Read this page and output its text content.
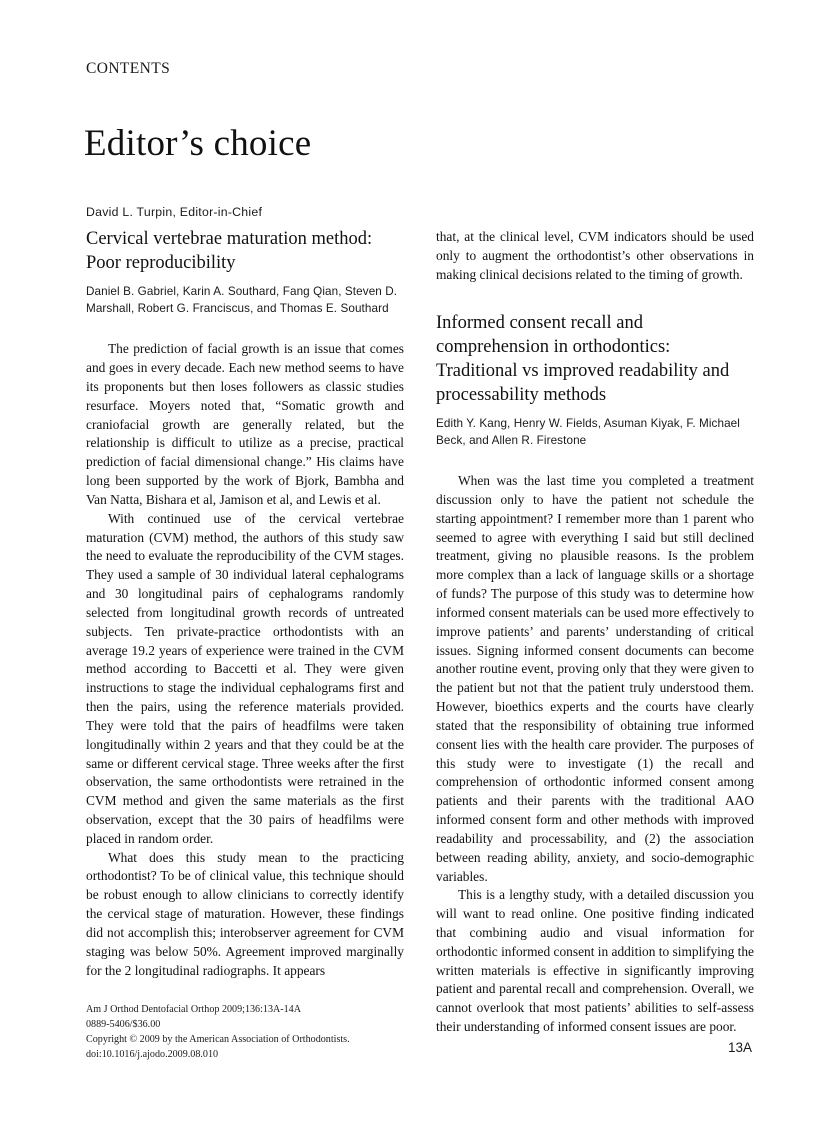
CONTENTS
Editor’s choice
David L. Turpin, Editor-in-Chief
Cervical vertebrae maturation method: Poor reproducibility
Daniel B. Gabriel, Karin A. Southard, Fang Qian, Steven D. Marshall, Robert G. Franciscus, and Thomas E. Southard

The prediction of facial growth is an issue that comes and goes in every decade. Each new method seems to have its proponents but then loses followers as classic studies resurface. Moyers noted that, “Somatic growth and craniofacial growth are generally related, but the relationship is difficult to utilize as a precise, practical prediction of facial dimensional change.” His claims have long been supported by the work of Bjork, Bambha and Van Natta, Bishara et al, Jamison et al, and Lewis et al.

With continued use of the cervical vertebrae maturation (CVM) method, the authors of this study saw the need to evaluate the reproducibility of the CVM stages. They used a sample of 30 individual lateral cephalograms and 30 longitudinal pairs of cephalograms randomly selected from longitudinal growth records of untreated subjects. Ten private-practice orthodontists with an average 19.2 years of experience were trained in the CVM method according to Baccetti et al. They were given instructions to stage the individual cephalograms first and then the pairs, using the reference materials provided. They were told that the pairs of headfilms were taken longitudinally within 2 years and that they could be at the same or different cervical stage. Three weeks after the first observation, the same orthodontists were retrained in the CVM method and given the same materials as the first observation, except that the 30 pairs of headfilms were placed in random order.

What does this study mean to the practicing orthodontist? To be of clinical value, this technique should be robust enough to allow clinicians to correctly identify the cervical stage of maturation. However, these findings did not accomplish this; interobserver agreement for CVM staging was below 50%. Agreement improved marginally for the 2 longitudinal radiographs. It appears

that, at the clinical level, CVM indicators should be used only to augment the orthodontist’s other observations in making clinical decisions related to the timing of growth.

Informed consent recall and comprehension in orthodontics: Traditional vs improved readability and processability methods
Edith Y. Kang, Henry W. Fields, Asuman Kiyak, F. Michael Beck, and Allen R. Firestone

When was the last time you completed a treatment discussion only to have the patient not schedule the starting appointment? I remember more than 1 parent who seemed to agree with everything I said but still declined treatment, giving no plausible reasons. Is the problem more complex than a lack of language skills or a shortage of funds? The purpose of this study was to determine how informed consent materials can be used more effectively to improve patients’ and parents’ understanding of critical issues. Signing informed consent documents can become another routine event, proving only that they were given to the patient but not that the patient truly understood them. However, bioethics experts and the courts have clearly stated that the responsibility of obtaining true informed consent lies with the health care provider. The purposes of this study were to investigate (1) the recall and comprehension of orthodontic informed consent among patients and their parents with the traditional AAO informed consent form and other methods with improved readability and processability, and (2) the association between reading ability, anxiety, and socio-demographic variables.

This is a lengthy study, with a detailed discussion you will want to read online. One positive finding indicated that combining audio and visual information for orthodontic informed consent in addition to simplifying the written materials is effective in significantly improving patient and parental recall and comprehension. Overall, we cannot overlook that most patients’ abilities to self-assess their understanding of informed consent issues are poor.

Am J Orthod Dentofacial Orthop 2009;136:13A-14A
0889-5406/$36.00
Copyright © 2009 by the American Association of Orthodontists.
doi:10.1016/j.ajodo.2009.08.010	13A
